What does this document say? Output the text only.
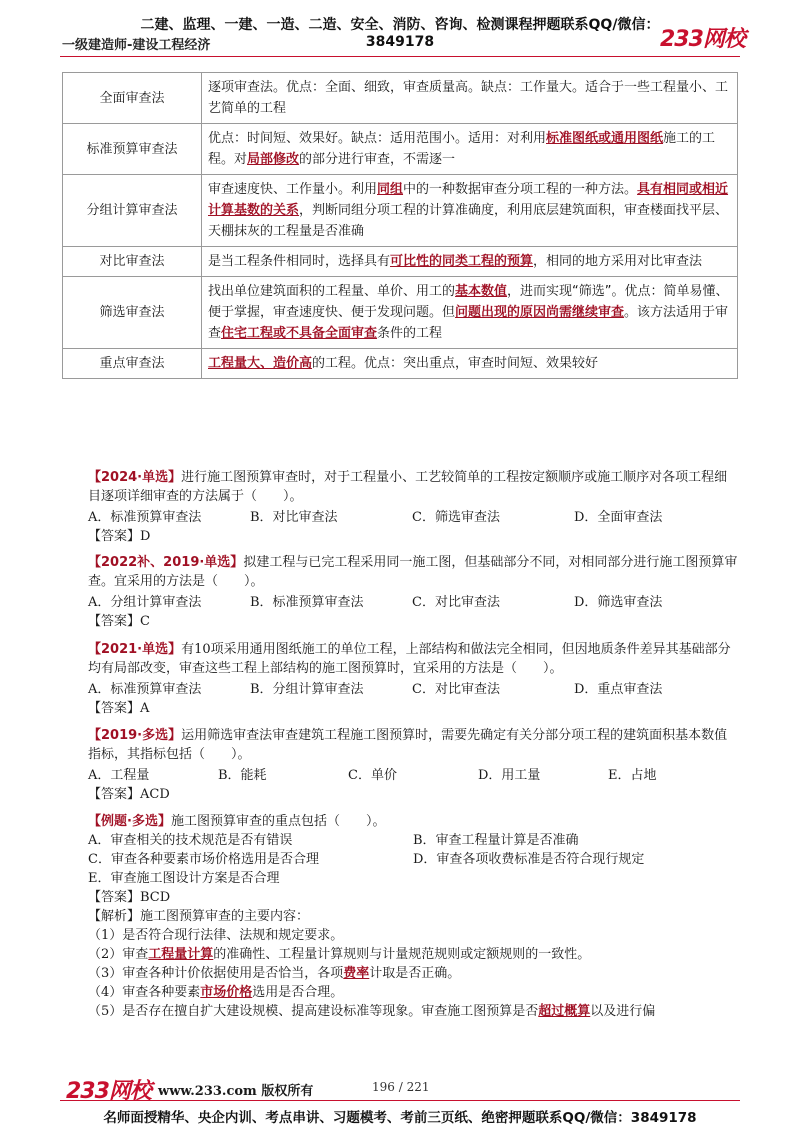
二建、监理、一建、一造、二造、安全、消防、咨询、检测课程押题联系QQ/微信：3849178
一级建造师-建设工程经济	233网校
全面审查法	逐项审查法。优点：全面、细致，审查质量高。缺点：工作量大。适合于一些工程量小、工艺简单的工程
标准预算审查法	优点：时间短、效果好。缺点：适用范围小。适用：对利用标准图纸或通用图纸施工的工程。对局部修改的部分进行审查，不需逐一
分组计算审查法	审查速度快、工作量小。利用同组中的一种数据审查分项工程的一种方法。具有相同或相近计算基数的关系，判断同组分项工程的计算准确度，利用底层建筑面积，审查楼面找平层、天棚抹灰的工程量是否准确
对比审查法	是当工程条件相同时，选择具有可比性的同类工程的预算，相同的地方采用对比审查法
筛选审查法	找出单位建筑面积的工程量、单价、用工的基本数值，进而实现“筛选”。优点：简单易懂、便于掌握，审查速度快、便于发现问题。但问题出现的原因尚需继续审查。该方法适用于审查住宅工程或不具备全面审查条件的工程
重点审查法	工程量大、造价高的工程。优点：突出重点，审查时间短、效果较好
【2024·单选】进行施工图预算审查时，对于工程量小、工艺较简单的工程按定额顺序或施工顺序对各项工程细目逐项详细审查的方法属于（　　）。
A．标准预算审查法	B．对比审查法	C．筛选审查法	D．全面审查法
【答案】D
【2022补、2019·单选】拟建工程与已完工程采用同一施工图，但基础部分不同，对相同部分进行施工图预算审查。宜采用的方法是（　　）。
A．分组计算审查法	B．标准预算审查法	C．对比审查法	D．筛选审查法
【答案】C
【2021·单选】有10项采用通用图纸施工的单位工程，上部结构和做法完全相同，但因地质条件差异其基础部分均有局部改变，审查这些工程上部结构的施工图预算时，宜采用的方法是（　　）。
A．标准预算审查法	B．分组计算审查法	C．对比审查法	D．重点审查法
【答案】A
【2019·多选】运用筛选审查法审查建筑工程施工图预算时，需要先确定有关分部分项工程的建筑面积基本数值指标，其指标包括（　　）。
A．工程量	B．能耗	C．单价	D．用工量	E．占地
【答案】ACD
【例题·多选】施工图预算审查的重点包括（　　）。
A．审查相关的技术规范是否有错误	B．审查工程量计算是否准确
C．审查各种要素市场价格选用是否合理	D．审查各项收费标准是否符合现行规定
E．审查施工图设计方案是否合理
【答案】BCD
【解析】施工图预算审查的主要内容：
（1）是否符合现行法律、法规和规定要求。
（2）审查工程量计算的准确性、工程量计算规则与计量规范规则或定额规则的一致性。
（3）审查各种计价依据使用是否恰当，各项费率计取是否正确。
（4）审查各种要素市场价格选用是否合理。
（5）是否存在擅自扩大建设规模、提高建设标准等现象。审查施工图预算是否超过概算以及进行偏
233网校 www.233.com 版权所有	196 / 221
名师面授精华、央企内训、考点串讲、习题模考、考前三页纸、绝密押题联系QQ/微信：3849178
